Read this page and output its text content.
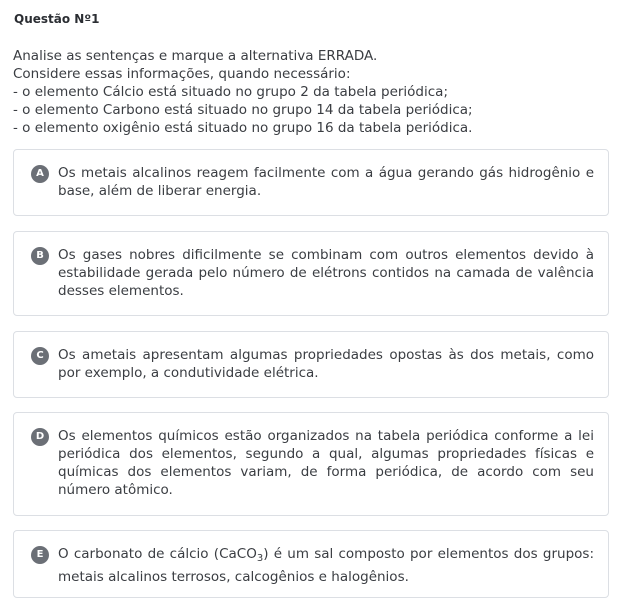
Questão Nº1
Analise as sentenças e marque a alternativa ERRADA.
Considere essas informações, quando necessário:
- o elemento Cálcio está situado no grupo 2 da tabela periódica;
- o elemento Carbono está situado no grupo 14 da tabela periódica;
- o elemento oxigênio está situado no grupo 16 da tabela periódica.
A	Os metais alcalinos reagem facilmente com a água gerando gás hidrogênio e base, além de liberar energia.
B	Os gases nobres dificilmente se combinam com outros elementos devido à estabilidade gerada pelo número de elétrons contidos na camada de valência desses elementos.
C	Os ametais apresentam algumas propriedades opostas às dos metais, como por exemplo, a condutividade elétrica.
D	Os elementos químicos estão organizados na tabela periódica conforme a lei periódica dos elementos, segundo a qual, algumas propriedades físicas e químicas dos elementos variam, de forma periódica, de acordo com seu número atômico.
E	O carbonato de cálcio (CaCO$_3$) é um sal composto por elementos dos grupos: metais alcalinos terrosos, calcogênios e halogênios.
